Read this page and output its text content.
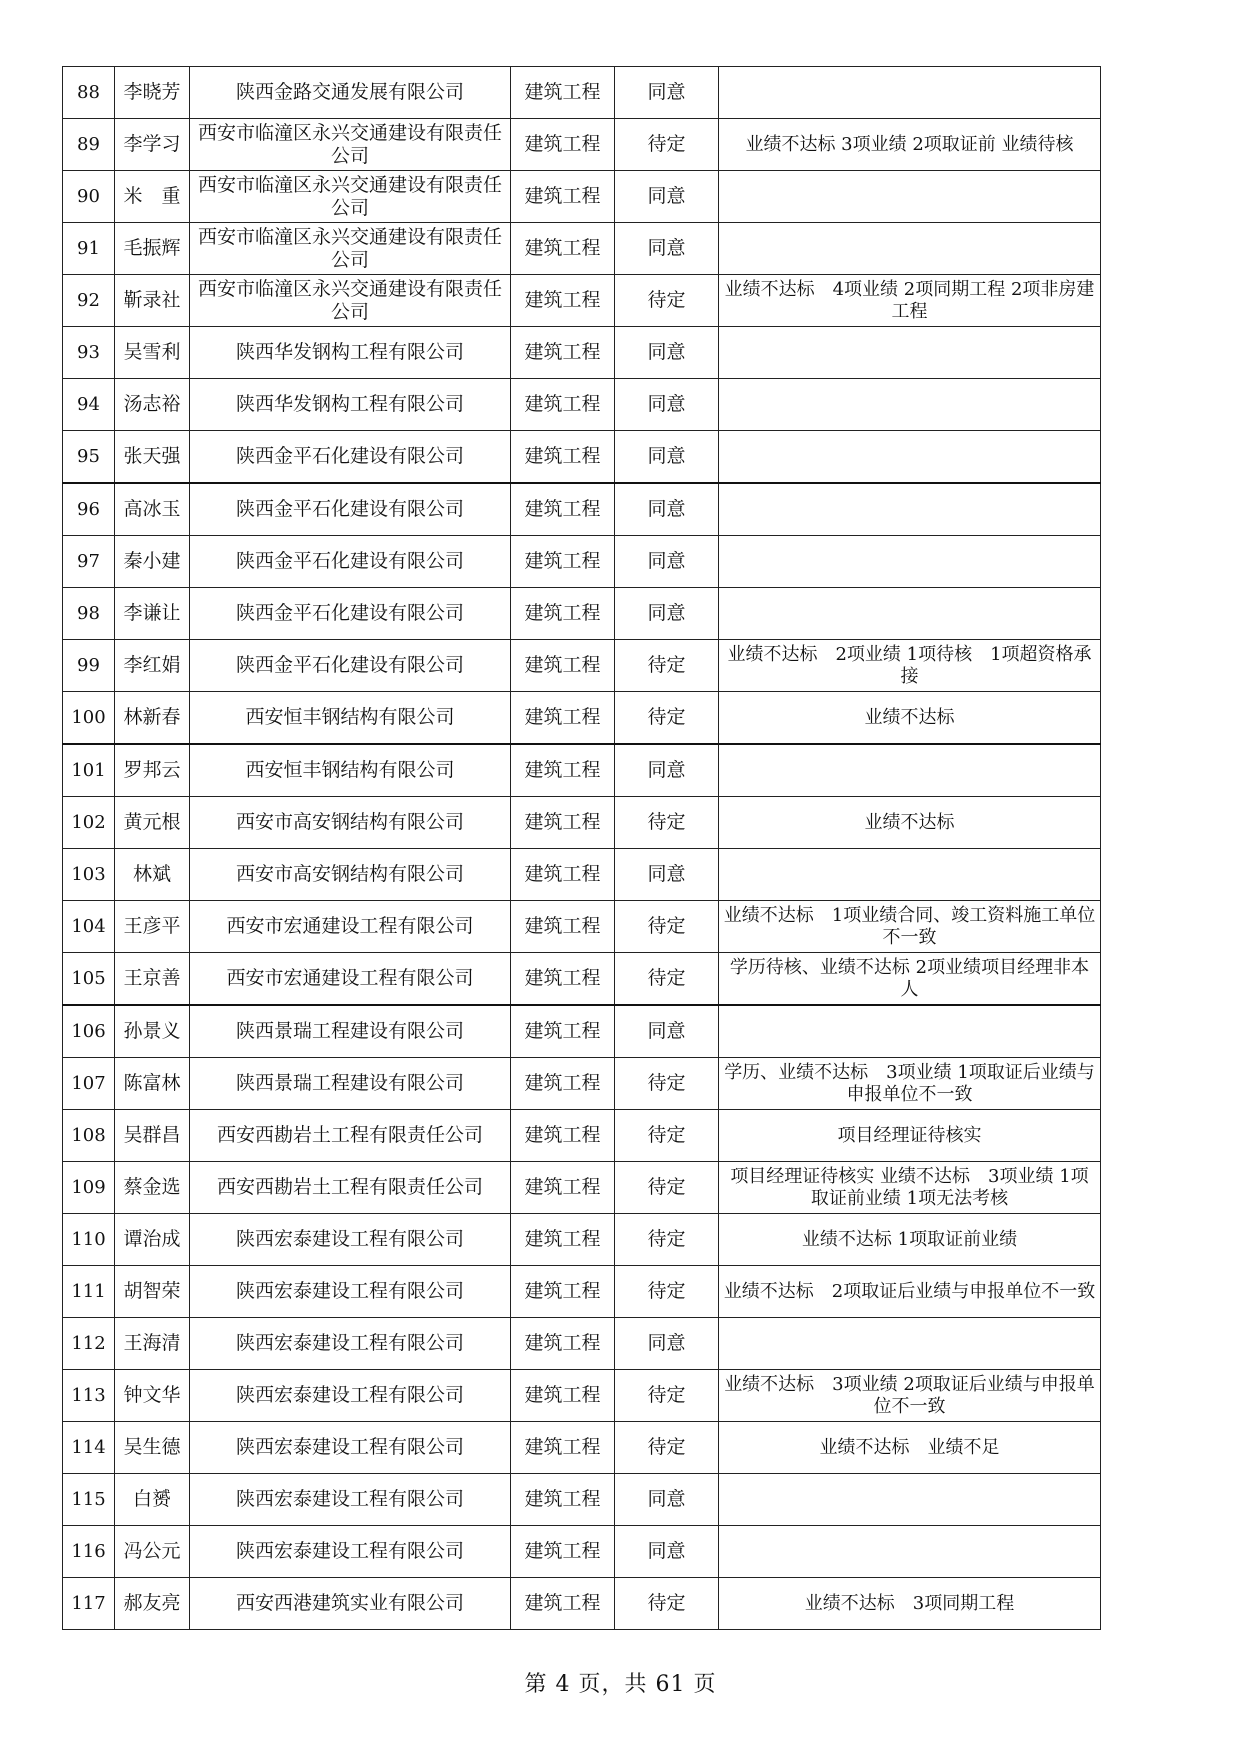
88	李晓芳	陕西金路交通发展有限公司	建筑工程	同意	
89	李学习	西安市临潼区永兴交通建设有限责任公司	建筑工程	待定	业绩不达标 3项业绩 2项取证前 业绩待核
90	米　重	西安市临潼区永兴交通建设有限责任公司	建筑工程	同意	
91	毛振辉	西安市临潼区永兴交通建设有限责任公司	建筑工程	同意	
92	靳录社	西安市临潼区永兴交通建设有限责任公司	建筑工程	待定	业绩不达标　4项业绩 2项同期工程 2项非房建工程
93	吴雪利	陕西华发钢构工程有限公司	建筑工程	同意	
94	汤志裕	陕西华发钢构工程有限公司	建筑工程	同意	
95	张天强	陕西金平石化建设有限公司	建筑工程	同意	
96	高冰玉	陕西金平石化建设有限公司	建筑工程	同意	
97	秦小建	陕西金平石化建设有限公司	建筑工程	同意	
98	李谦让	陕西金平石化建设有限公司	建筑工程	同意	
99	李红娟	陕西金平石化建设有限公司	建筑工程	待定	业绩不达标　2项业绩 1项待核　1项超资格承接
100	林新春	西安恒丰钢结构有限公司	建筑工程	待定	业绩不达标
101	罗邦云	西安恒丰钢结构有限公司	建筑工程	同意	
102	黄元根	西安市高安钢结构有限公司	建筑工程	待定	业绩不达标
103	林斌	西安市高安钢结构有限公司	建筑工程	同意	
104	王彦平	西安市宏通建设工程有限公司	建筑工程	待定	业绩不达标　1项业绩合同、竣工资料施工单位不一致
105	王京善	西安市宏通建设工程有限公司	建筑工程	待定	学历待核、业绩不达标 2项业绩项目经理非本人
106	孙景义	陕西景瑞工程建设有限公司	建筑工程	同意	
107	陈富林	陕西景瑞工程建设有限公司	建筑工程	待定	学历、业绩不达标　3项业绩 1项取证后业绩与申报单位不一致
108	吴群昌	西安西勘岩土工程有限责任公司	建筑工程	待定	项目经理证待核实
109	蔡金选	西安西勘岩土工程有限责任公司	建筑工程	待定	项目经理证待核实 业绩不达标　3项业绩 1项取证前业绩 1项无法考核
110	谭治成	陕西宏泰建设工程有限公司	建筑工程	待定	业绩不达标 1项取证前业绩
111	胡智荣	陕西宏泰建设工程有限公司	建筑工程	待定	业绩不达标　2项取证后业绩与申报单位不一致
112	王海清	陕西宏泰建设工程有限公司	建筑工程	同意	
113	钟文华	陕西宏泰建设工程有限公司	建筑工程	待定	业绩不达标　3项业绩 2项取证后业绩与申报单位不一致
114	吴生德	陕西宏泰建设工程有限公司	建筑工程	待定	业绩不达标　业绩不足
115	白赟	陕西宏泰建设工程有限公司	建筑工程	同意	
116	冯公元	陕西宏泰建设工程有限公司	建筑工程	同意	
117	郝友亮	西安西港建筑实业有限公司	建筑工程	待定	业绩不达标　3项同期工程
第 4 页，共 61 页
